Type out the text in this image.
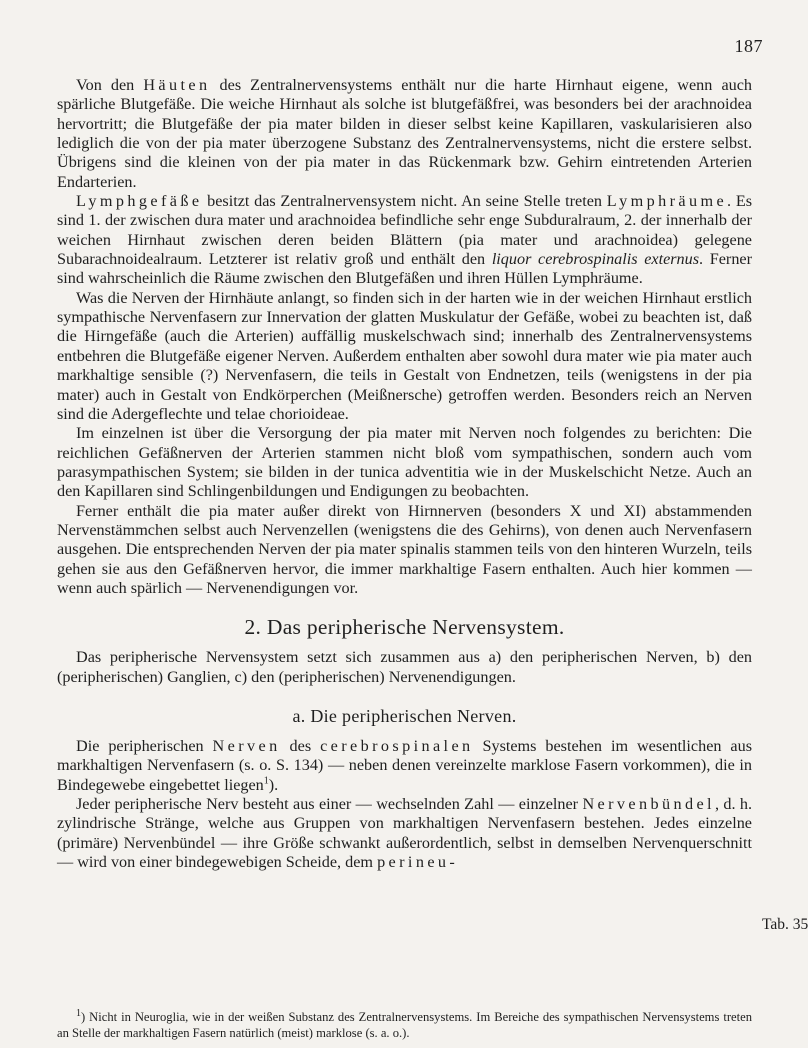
187

Von den Häuten des Zentralnervensystems enthält nur die harte Hirnhaut eigene, wenn auch spärliche Blutgefäße. Die weiche Hirnhaut als solche ist blutgefäßfrei, was besonders bei der arachnoidea hervortritt; die Blutgefäße der pia mater bilden in dieser selbst keine Kapillaren, vaskularisieren also lediglich die von der pia mater überzogene Substanz des Zentralnervensystems, nicht die erstere selbst. Übrigens sind die kleinen von der pia mater in das Rückenmark bzw. Gehirn eintretenden Arterien Endarterien.

Lymphgefäße besitzt das Zentralnervensystem nicht. An seine Stelle treten Lymphräume. Es sind 1. der zwischen dura mater und arachnoidea befindliche sehr enge Subduralraum, 2. der innerhalb der weichen Hirnhaut zwischen deren beiden Blättern (pia mater und arachnoidea) gelegene Subarachnoidealraum. Letzterer ist relativ groß und enthält den liquor cerebrospinalis externus. Ferner sind wahrscheinlich die Räume zwischen den Blutgefäßen und ihren Hüllen Lymphräume.

Was die Nerven der Hirnhäute anlangt, so finden sich in der harten wie in der weichen Hirnhaut erstlich sympathische Nervenfasern zur Innervation der glatten Muskulatur der Gefäße, wobei zu beachten ist, daß die Hirngefäße (auch die Arterien) auffällig muskelschwach sind; innerhalb des Zentralnervensystems entbehren die Blutgefäße eigener Nerven. Außerdem enthalten aber sowohl dura mater wie pia mater auch markhaltige sensible (?) Nervenfasern, die teils in Gestalt von Endnetzen, teils (wenigstens in der pia mater) auch in Gestalt von Endkörperchen (Meißnersche) getroffen werden. Besonders reich an Nerven sind die Adergeflechte und telae chorioideae.

Im einzelnen ist über die Versorgung der pia mater mit Nerven noch folgendes zu berichten: Die reichlichen Gefäßnerven der Arterien stammen nicht bloß vom sympathischen, sondern auch vom parasympathischen System; sie bilden in der tunica adventitia wie in der Muskelschicht Netze. Auch an den Kapillaren sind Schlingenbildungen und Endigungen zu beobachten.

Ferner enthält die pia mater außer direkt von Hirnnerven (besonders X und XI) abstammenden Nervenstämmchen selbst auch Nervenzellen (wenigstens die des Gehirns), von denen auch Nervenfasern ausgehen. Die entsprechenden Nerven der pia mater spinalis stammen teils von den hinteren Wurzeln, teils gehen sie aus den Gefäßnerven hervor, die immer markhaltige Fasern enthalten. Auch hier kommen — wenn auch spärlich — Nervenendigungen vor.

2. Das peripherische Nervensystem.

Das peripherische Nervensystem setzt sich zusammen aus a) den peripherischen Nerven, b) den (peripherischen) Ganglien, c) den (peripherischen) Nervenendigungen.

a. Die peripherischen Nerven.

Die peripherischen Nerven des cerebrospinalen Systems bestehen im wesentlichen aus markhaltigen Nervenfasern (s. o. S. 134) — neben denen vereinzelte marklose Fasern vorkommen), die in Bindegewebe eingebettet liegen$^1$).

Jeder peripherische Nerv besteht aus einer — wechselnden Zahl — einzelner Nervenbündel, d. h. zylindrische Stränge, welche aus Gruppen von markhaltigen Nervenfasern bestehen. Jedes einzelne (primäre) Nervenbündel — ihre Größe schwankt außerordentlich, selbst in demselben Nervenquerschnitt — wird von einer bindegewebigen Scheide, dem perineu-

Tab. 35
$^1$) Nicht in Neuroglia, wie in der weißen Substanz des Zentralnervensystems. Im Bereiche des sympathischen Nervensystems treten an Stelle der markhaltigen Fasern natürlich (meist) marklose (s. a. o.).
